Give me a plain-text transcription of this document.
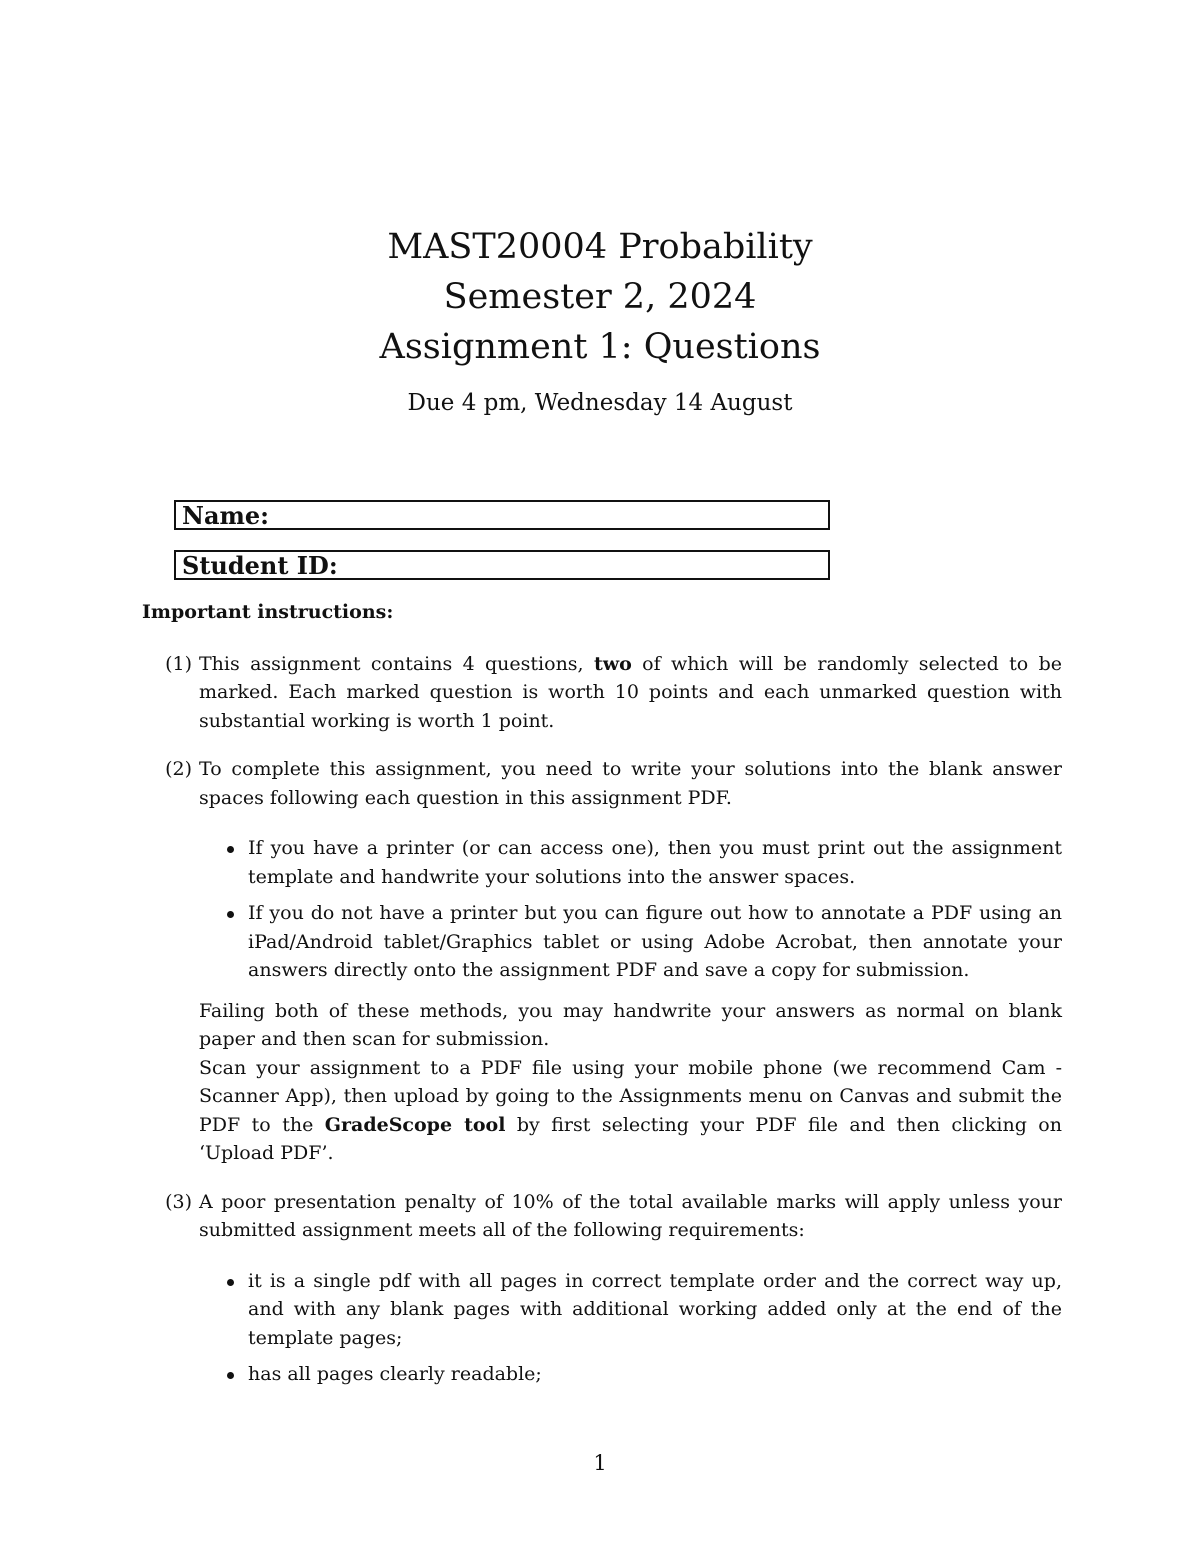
MAST20004 Probability
Semester 2, 2024
Assignment 1: Questions
Due 4 pm, Wednesday 14 August
Name:
Student ID:
Important instructions:
(1) This assignment contains 4 questions, two of which will be randomly selected to be marked. Each marked question is worth 10 points and each unmarked question with substantial working is worth 1 point.

(2) To complete this assignment, you need to write your solutions into the blank answer spaces following each question in this assignment PDF.

If you have a printer (or can access one), then you must print out the assignment template and handwrite your solutions into the answer spaces.
If you do not have a printer but you can figure out how to annotate a PDF using an iPad/Android tablet/Graphics tablet or using Adobe Acrobat, then annotate your answers directly onto the assignment PDF and save a copy for submission.

Failing both of these methods, you may handwrite your answers as normal on blank paper and then scan for submission.

Scan your assignment to a PDF file using your mobile phone (we recommend Cam - Scanner App), then upload by going to the Assignments menu on Canvas and submit the PDF to the GradeScope tool by first selecting your PDF file and then clicking on ‘Upload PDF’.

(3) A poor presentation penalty of 10% of the total available marks will apply unless your submitted assignment meets all of the following requirements:

it is a single pdf with all pages in correct template order and the correct way up, and with any blank pages with additional working added only at the end of the template pages;
has all pages clearly readable;
1
